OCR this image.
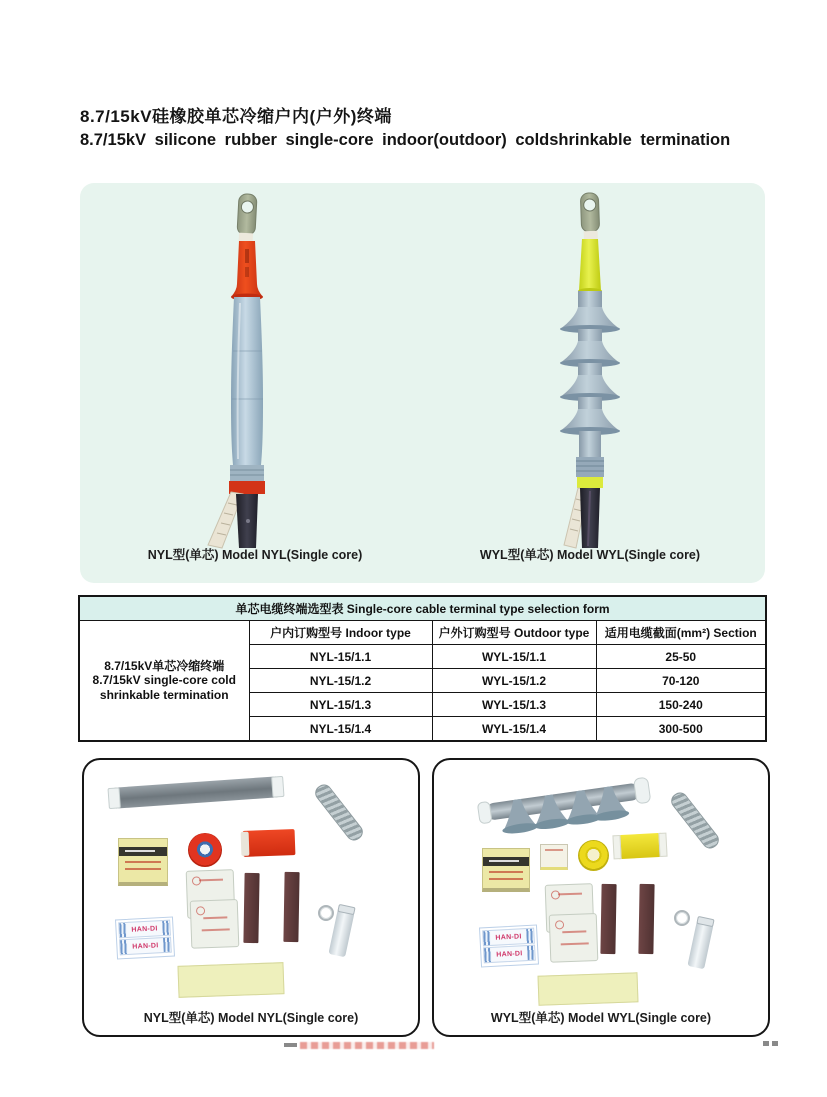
8.7/15kV硅橡胶单芯冷缩户内(户外)终端
8.7/15kV silicone rubber single-core indoor(outdoor) coldshrinkable termination
NYL型(单芯) Model NYL(Single core)	WYL型(单芯) Model WYL(Single core)
单芯电缆终端选型表 Single-core cable terminal type selection form			

8.7/15kV单芯冷缩终端
8.7/15kV single-core cold
shrinkable termination	户内订购型号 Indoor type	户外订购型号 Outdoor type	适用电缆截面(mm²) Section
	NYL-15/1.1	WYL-15/1.1	25-50
	NYL-15/1.2	WYL-15/1.2	70-120
	NYL-15/1.3	WYL-15/1.3	150-240
	NYL-15/1.4	WYL-15/1.4	300-500
HAN-DI
HAN-DI
NYL型(单芯) Model NYL(Single core)
HAN-DI
HAN-DI
WYL型(单芯) Model WYL(Single core)
